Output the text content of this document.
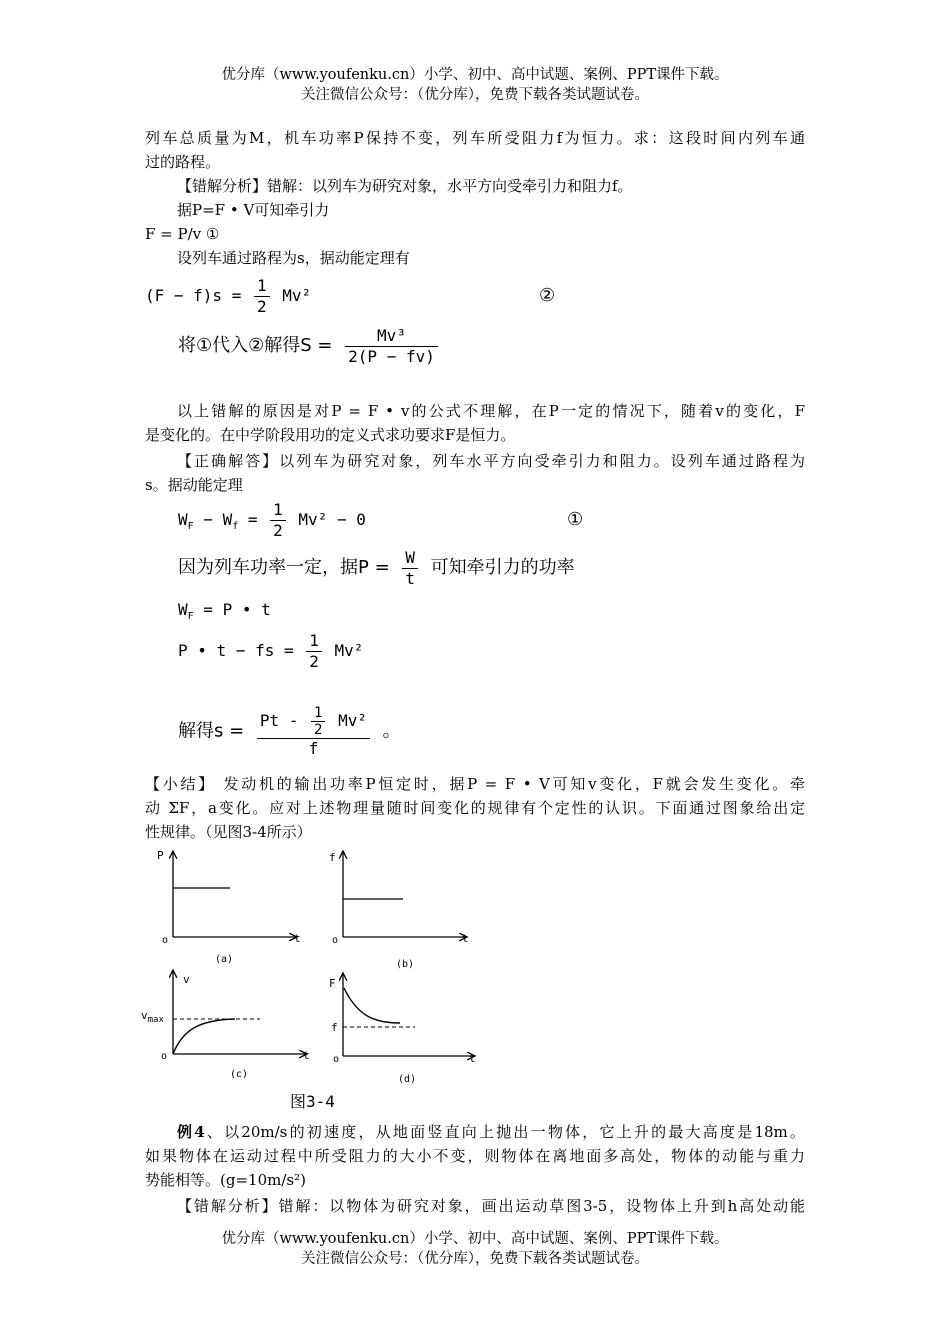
优分库（www.youfenku.cn）小学、初中、高中试题、案例、PPT课件下载。
关注微信公众号：（优分库），免费下载各类试题试卷。
列车总质量为M，机车功率P保持不变，列车所受阻力f为恒力。求：这段时间内列车通
过的路程。
【错解分析】错解：以列车为研究对象，水平方向受牵引力和阻力f。
据P=F • V可知牵引力
F = P/v ①
设列车通过路程为s，据动能定理有
$(F - f)s = \frac{1}{2} Mv^2$	②
将①代入②解得$S = \frac{\text{Mv³}}{2(P - fv)}$
以上错解的原因是对P = F • v的公式不理解，在P一定的情况下，随着v的变化，F
是变化的。在中学阶段用功的定义式求功要求F是恒力。
【正确解答】以列车为研究对象，列车水平方向受牵引力和阻力。设列车通过路程为
s。据动能定理
$W_F - W_f = \frac{1}{2} Mv^2 - 0$	①
因为列车功率一定，据$P = \frac{W}{t}$ 可知牵引力的功率
$W_F = P$ • t
P • t − fs = $\frac{1}{2} Mv^2$
解得$s = \frac{Pt - \frac{1}{2} Mv^2}{f}$ 。
【小结】 发动机的输出功率P恒定时，据P = F • V可知v变化，F就会发生变化。牵
动 ΣF，a变化。应对上述物理量随时间变化的规律有个定性的认识。下面通过图象给出定
性规律。（见图3-4所示）
P
t
o
(a)
f
t
o
(b)
v
t
o
$v_{max}$
(c)
F
t
o
f
(d)
图3-4
例4、以20m/s的初速度，从地面竖直向上抛出一物体，它上升的最大高度是18m。
如果物体在运动过程中所受阻力的大小不变，则物体在离地面多高处，物体的动能与重力
势能相等。(g=10m/s²)
【错解分析】错解：以物体为研究对象，画出运动草图3-5，设物体上升到h高处动能
优分库（www.youfenku.cn）小学、初中、高中试题、案例、PPT课件下载。
关注微信公众号：（优分库），免费下载各类试题试卷。
